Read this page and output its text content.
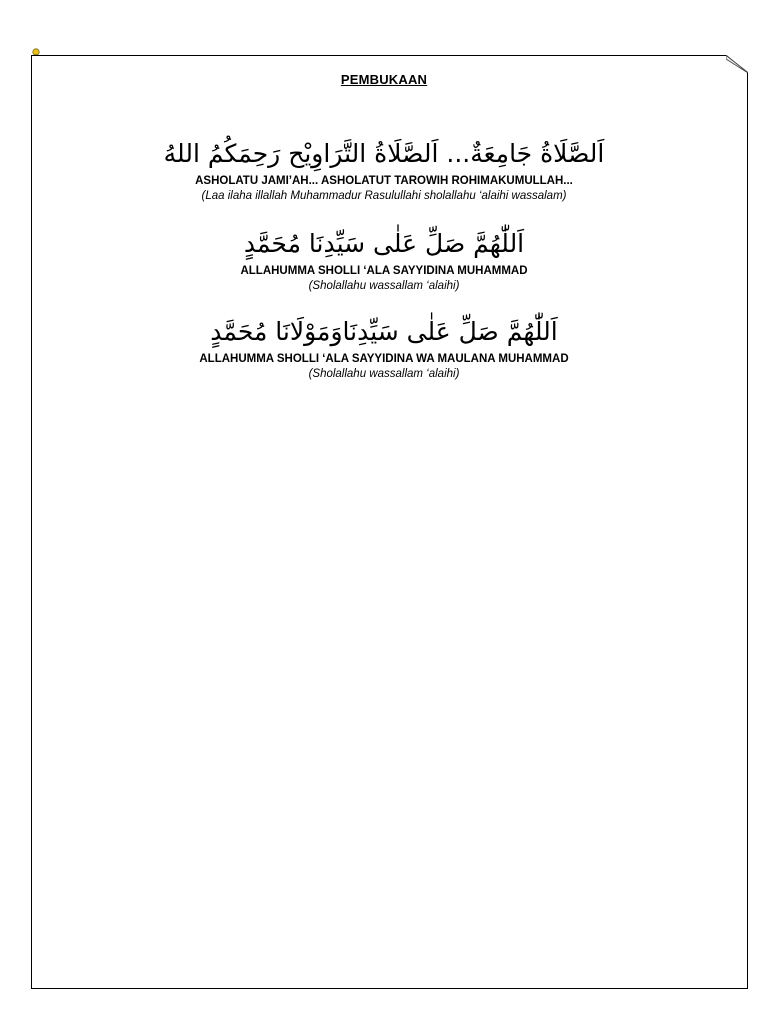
PEMBUKAAN
اَلصَّلَاةُ جَامِعَةٌ... اَلصَّلَاةُ التَّرَاوِيْح رَحِمَكُمُ اللهُ
ASHOLATU JAMI’AH... ASHOLATUT TAROWIH ROHIMAKUMULLAH...
(Laa ilaha illallah Muhammadur Rasulullahi sholallahu ‘alaihi wassalam)
اَللّٰهُمَّ صَلِّ عَلٰى سَيِّدِنَا مُحَمَّدٍ
ALLAHUMMA SHOLLI ‘ALA SAYYIDINA MUHAMMAD
(Sholallahu wassallam ‘alaihi)
اَللّٰهُمَّ صَلِّ عَلٰى سَيِّدِنَاوَمَوْلَانَا مُحَمَّدٍ
ALLAHUMMA SHOLLI ‘ALA SAYYIDINA WA MAULANA MUHAMMAD
(Sholallahu wassallam ‘alaihi)
